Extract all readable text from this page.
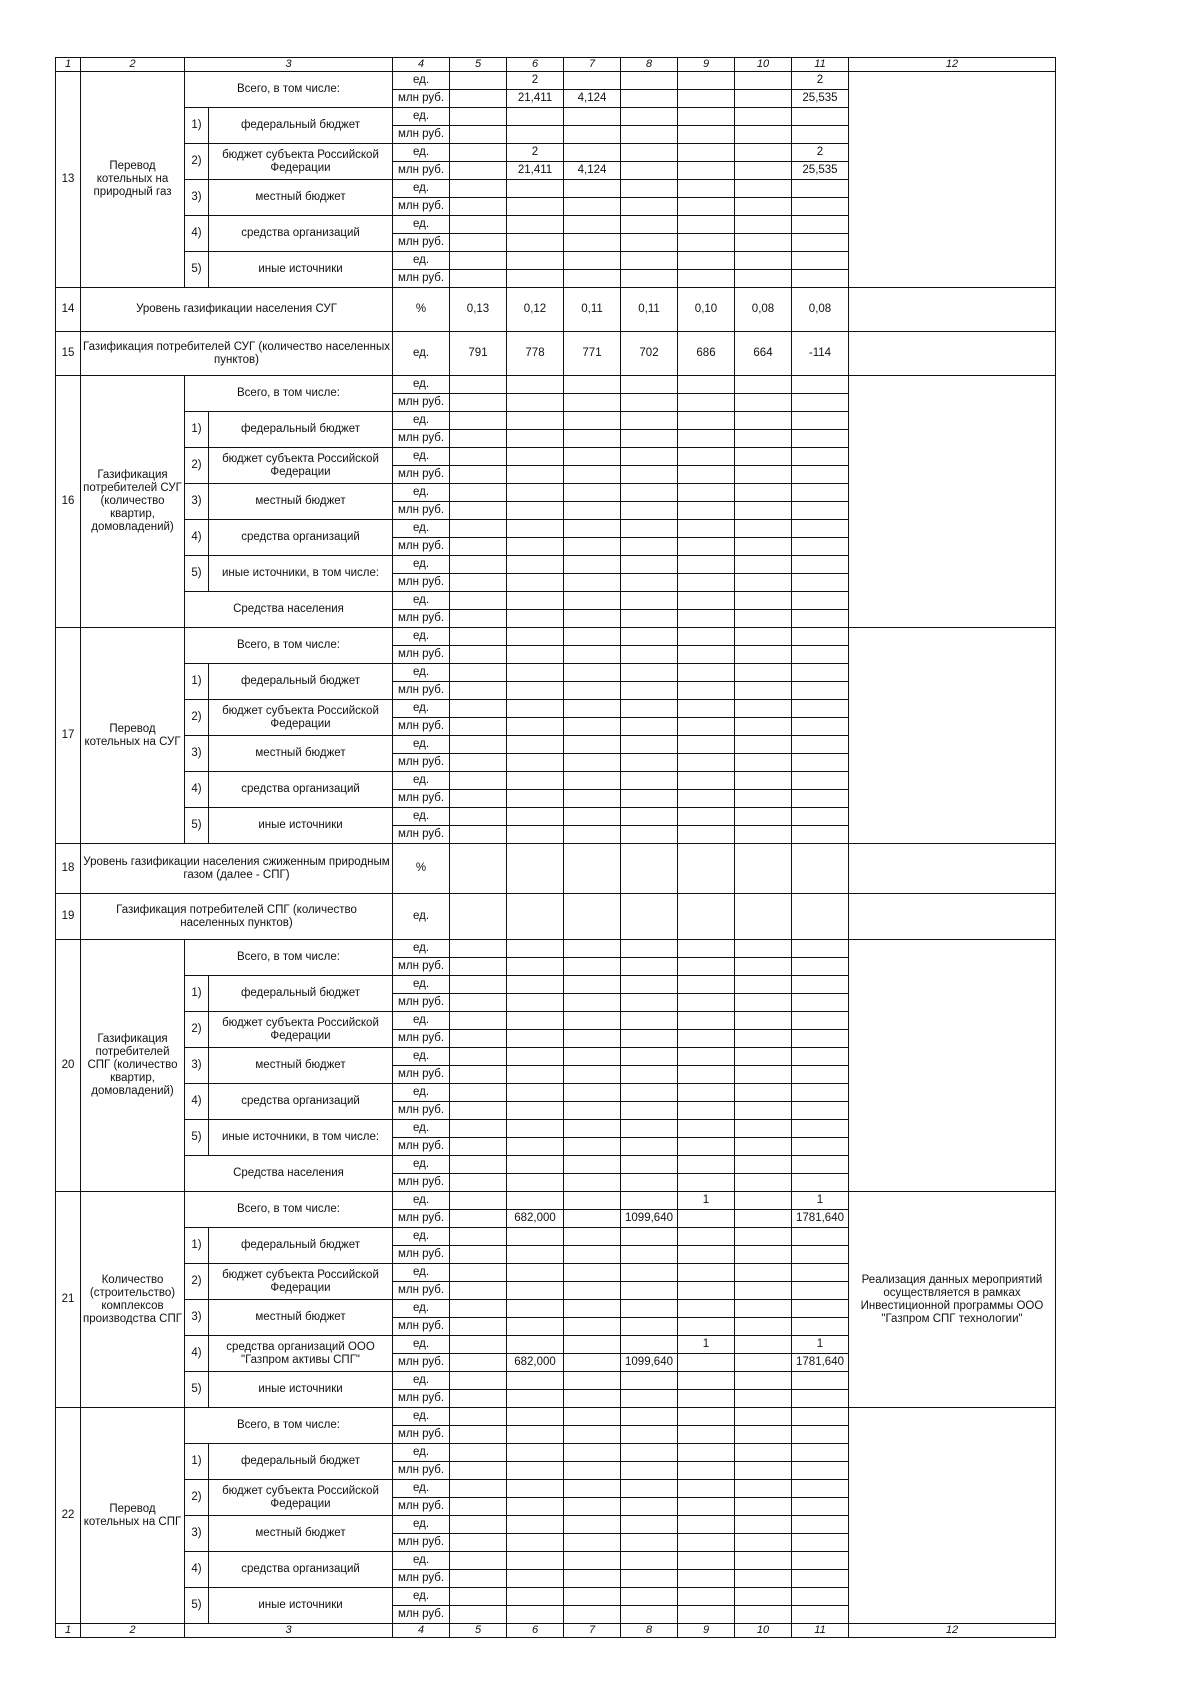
1	2	3		4	5	6	7	8	9	10	11	12
13	Перевод котельных на природный газ	Всего, в том числе:		ед.		2					2	
				млн руб.		21,411	4,124				25,535	
		1)	федеральный бюджет	ед.								
				млн руб.								
		2)	бюджет субъекта Российской Федерации	ед.		2					2	
				млн руб.		21,411	4,124				25,535	
		3)	местный бюджет	ед.								
				млн руб.								
		4)	средства организаций	ед.								
				млн руб.								
		5)	иные источники	ед.								
				млн руб.								
14	Уровень газификации населения СУГ			%	0,13	0,12	0,11	0,11	0,10	0,08	0,08	
15	Газификация потребителей СУГ (количество населенных пунктов)			ед.	791	778	771	702	686	664	-114	
16	Газификация потребителей СУГ (количество квартир, домовладений)	Всего, в том числе:		ед.								
				млн руб.								
		1)	федеральный бюджет	ед.								
				млн руб.								
		2)	бюджет субъекта Российской Федерации	ед.								
				млн руб.								
		3)	местный бюджет	ед.								
				млн руб.								
		4)	средства организаций	ед.								
				млн руб.								
		5)	иные источники, в том числе:	ед.								
				млн руб.								
		Средства населения		ед.								
				млн руб.								
17	Перевод котельных на СУГ	Всего, в том числе:		ед.								
				млн руб.								
		1)	федеральный бюджет	ед.								
				млн руб.								
		2)	бюджет субъекта Российской Федерации	ед.								
				млн руб.								
		3)	местный бюджет	ед.								
				млн руб.								
		4)	средства организаций	ед.								
				млн руб.								
		5)	иные источники	ед.								
				млн руб.								
18	Уровень газификации населения сжиженным природным газом (далее - СПГ)			%								
19	Газификация потребителей СПГ (количество населенных пунктов)			ед.								
20	Газификация потребителей СПГ (количество квартир, домовладений)	Всего, в том числе:		ед.								
				млн руб.								
		1)	федеральный бюджет	ед.								
				млн руб.								
		2)	бюджет субъекта Российской Федерации	ед.								
				млн руб.								
		3)	местный бюджет	ед.								
				млн руб.								
		4)	средства организаций	ед.								
				млн руб.								
		5)	иные источники, в том числе:	ед.								
				млн руб.								
		Средства населения		ед.								
				млн руб.								
21	Количество (строительство) комплексов производства СПГ	Всего, в том числе:		ед.					1		1	Реализация данных мероприятий осуществляется в рамках Инвестиционной программы ООО "Газпром СПГ технологии"
				млн руб.		682,000		1099,640			1781,640	
		1)	федеральный бюджет	ед.								
				млн руб.								
		2)	бюджет субъекта Российской Федерации	ед.								
				млн руб.								
		3)	местный бюджет	ед.								
				млн руб.								
		4)	средства организаций ООО "Газпром активы СПГ"	ед.					1		1	
				млн руб.		682,000		1099,640			1781,640	
		5)	иные источники	ед.								
				млн руб.								
22	Перевод котельных на СПГ	Всего, в том числе:		ед.								
				млн руб.								
		1)	федеральный бюджет	ед.								
				млн руб.								
		2)	бюджет субъекта Российской Федерации	ед.								
				млн руб.								
		3)	местный бюджет	ед.								
				млн руб.								
		4)	средства организаций	ед.								
				млн руб.								
		5)	иные источники	ед.								
				млн руб.								
1	2	3		4	5	6	7	8	9	10	11	12
